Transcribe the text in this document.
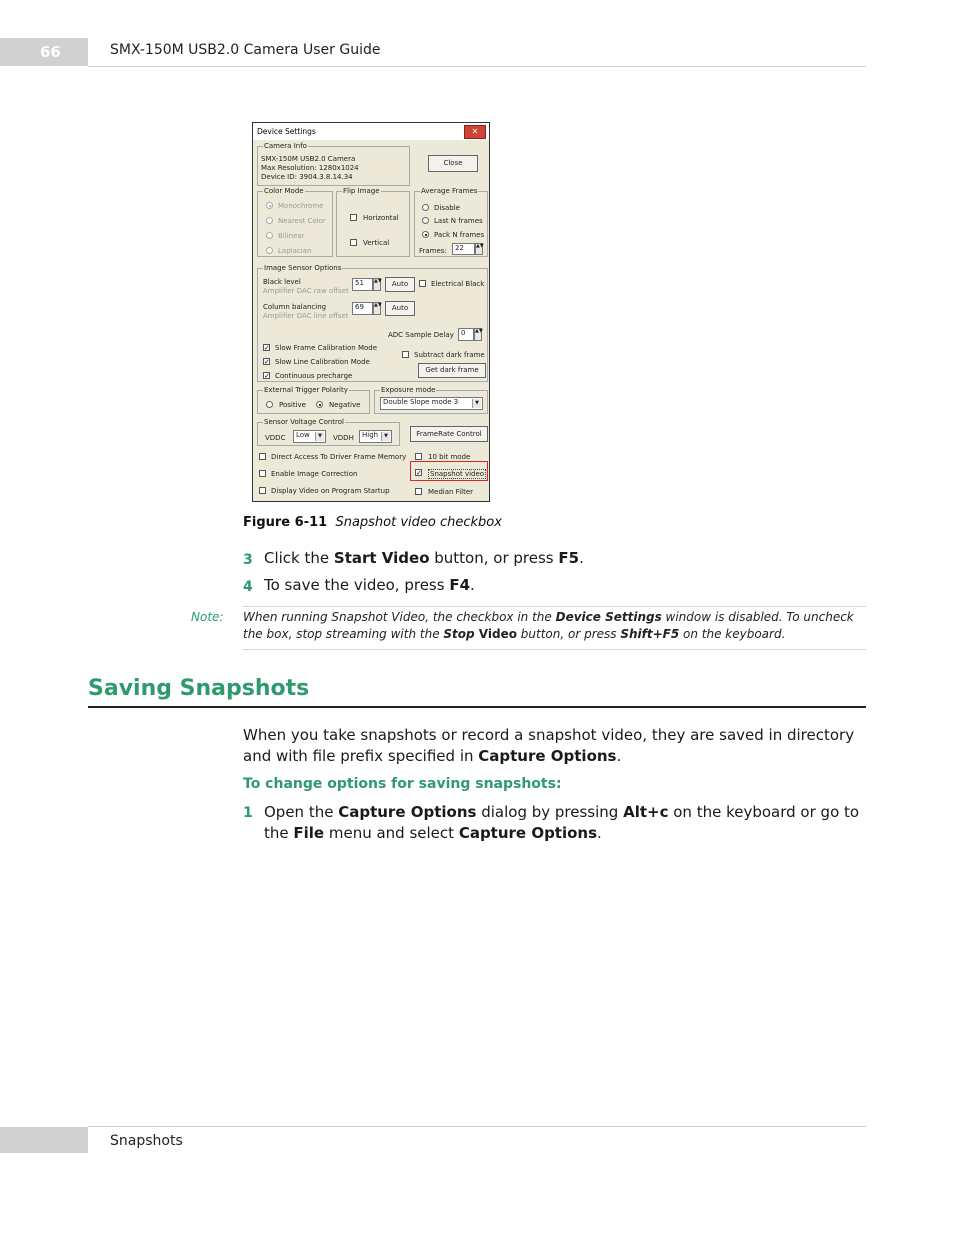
66	SMX-150M USB2.0 Camera User Guide
Device Settings	✕
Camera Info
SMX-150M USB2.0 Camera
Max Resolution: 1280x1024
Device ID: 3904.3.8.14.34
Close
Color Mode
Monochrome
Nearest Color
Bilinear
Laplacian
Flip Image
Horizontal
Vertical
Average Frames
Disable
Last N frames
Pack N frames
Frames:	22	▲▼
Image Sensor Options
Black level
Amplifier DAC raw offset
51	▲▼	Auto	Electrical Black
Column balancing
Amplifier DAC line offset
69	▲▼	Auto
ADC Sample Delay	0	▲▼
✓ Slow Frame Calibration Mode
✓ Slow Line Calibration Mode
✓ Continuous precharge
Subtract dark frame
Get dark frame
External Trigger Polarity
Positive	Negative
Exposure mode
Double Slope mode 3	▼
Sensor Voltage Control
VDDC	Low	▼ VDDH	High	▼	FrameRate Control
Direct Access To Driver Frame Memory
Enable Image Correction
Display Video on Program Startup
10 bit mode
✓ Snapshot video
Median Filter
Figure 6-11 Snapshot video checkbox
3 Click the Start Video button, or press F5.
4 To save the video, press F4.
Note: When running Snapshot Video, the checkbox in the Device Settings window is disabled. To uncheck the box, stop streaming with the Stop Video button, or press Shift+F5 on the keyboard.
Saving Snapshots
When you take snapshots or record a snapshot video, they are saved in directory and with file prefix specified in Capture Options.
To change options for saving snapshots:
1 Open the Capture Options dialog by pressing Alt+c on the keyboard or go to the File menu and select Capture Options.
Snapshots
